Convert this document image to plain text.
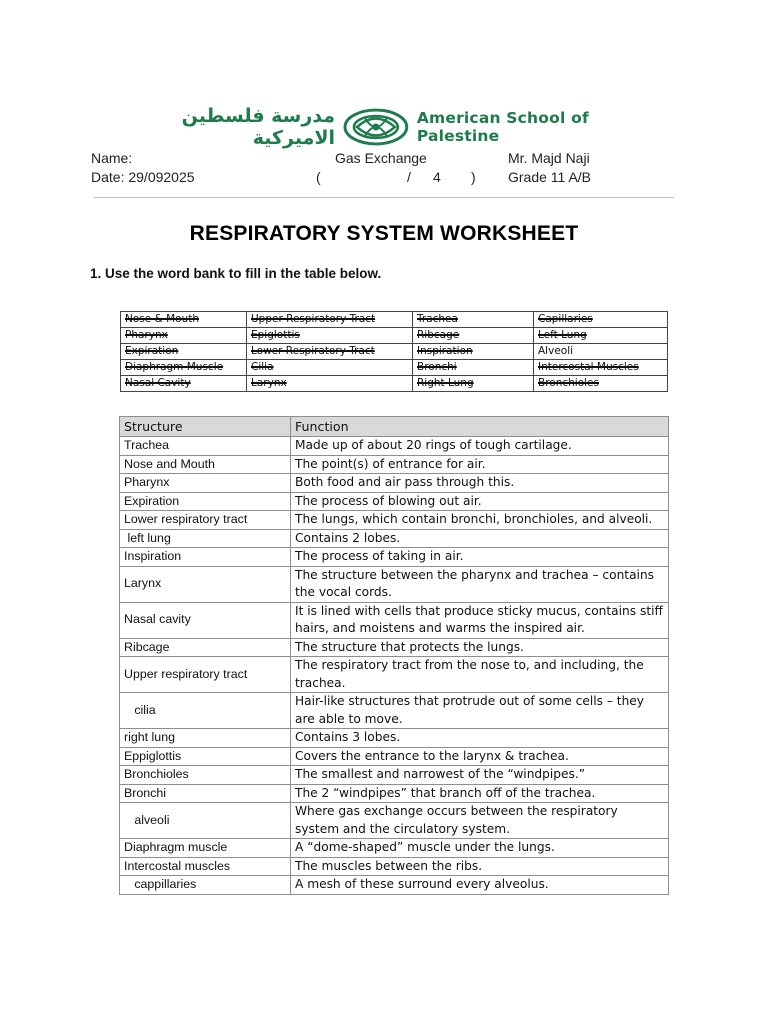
مدرسة فلسطين الاميركية
American School of Palestine
Name:	Gas Exchange	Mr. Majd Naji
Date: 29/092025	(	/ 4 ) Grade 11 A/B
RESPIRATORY SYSTEM WORKSHEET
1. Use the word bank to fill in the table below.
Nose & Mouth	Upper Respiratory Tract	Trachea	Capillaries
Pharynx	Epiglottis	Ribcage	Left Lung
Expiration	Lower Respiratory Tract	Inspiration	Alveoli
Diaphragm Muscle	Cilia	Bronchi	Intercostal Muscles
Nasal Cavity	Larynx	Right Lung	Bronchioles
Structure	Function
Trachea	Made up of about 20 rings of tough cartilage.
Nose and Mouth	The point(s) of entrance for air.
Pharynx	Both food and air pass through this.
Expiration	The process of blowing out air.
Lower respiratory tract	The lungs, which contain bronchi, bronchioles, and alveoli.
left lung	Contains 2 lobes.
Inspiration	The process of taking in air.
Larynx	The structure between the pharynx and trachea – contains the vocal cords.
Nasal cavity	It is lined with cells that produce sticky mucus, contains stiff hairs, and moistens and warms the inspired air.
Ribcage	The structure that protects the lungs.
Upper respiratory tract	The respiratory tract from the nose to, and including, the trachea.
cilia	Hair-like structures that protrude out of some cells – they are able to move.
right lung	Contains 3 lobes.
Eppiglottis	Covers the entrance to the larynx & trachea.
Bronchioles	The smallest and narrowest of the “windpipes.”
Bronchi	The 2 “windpipes” that branch off of the trachea.
alveoli	Where gas exchange occurs between the respiratory system and the circulatory system.
Diaphragm muscle	A “dome-shaped” muscle under the lungs.
Intercostal muscles	The muscles between the ribs.
cappillaries	A mesh of these surround every alveolus.
